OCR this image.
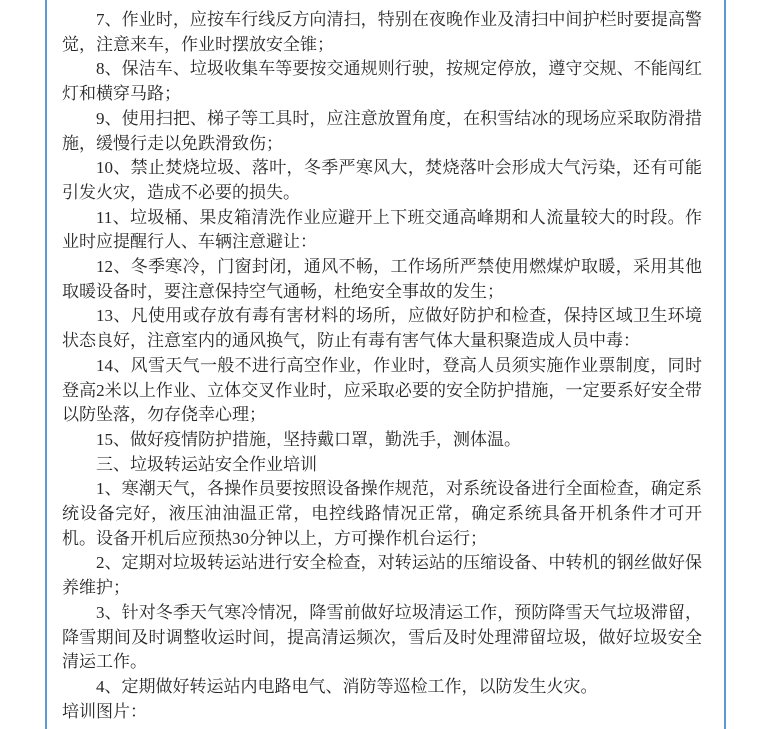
7、作业时，应按车行线反方向清扫，特别在夜晚作业及清扫中间护栏时要提高警觉，注意来车，作业时摆放安全锥；

8、保洁车、垃圾收集车等要按交通规则行驶，按规定停放，遵守交规、不能闯红灯和横穿马路；

9、使用扫把、梯子等工具时，应注意放置角度，在积雪结冰的现场应采取防滑措施，缓慢行走以免跌滑致伤；

10、禁止焚烧垃圾、落叶，冬季严寒风大，焚烧落叶会形成大气污染，还有可能引发火灾，造成不必要的损失。

11、垃圾桶、果皮箱清洗作业应避开上下班交通高峰期和人流量较大的时段。作业时应提醒行人、车辆注意避让：

12、冬季寒冷，门窗封闭，通风不畅，工作场所严禁使用燃煤炉取暖，采用其他取暖设备时，要注意保持空气通畅，杜绝安全事故的发生；

13、凡使用或存放有毒有害材料的场所，应做好防护和检查，保持区域卫生环境状态良好，注意室内的通风换气，防止有毒有害气体大量积聚造成人员中毒：

14、风雪天气一般不进行高空作业，作业时，登高人员须实施作业票制度，同时登高2米以上作业、立体交叉作业时，应采取必要的安全防护措施，一定要系好安全带以防坠落，勿存侥幸心理；

15、做好疫情防护措施，坚持戴口罩，勤洗手，测体温。

三、垃圾转运站安全作业培训

1、寒潮天气，各操作员要按照设备操作规范，对系统设备进行全面检查，确定系统设备完好，液压油油温正常，电控线路情况正常，确定系统具备开机条件才可开机。设备开机后应预热30分钟以上，方可操作机台运行；

2、定期对垃圾转运站进行安全检查，对转运站的压缩设备、中转机的钢丝做好保养维护；

3、针对冬季天气寒冷情况，降雪前做好垃圾清运工作，预防降雪天气垃圾滞留，降雪期间及时调整收运时间，提高清运频次，雪后及时处理滞留垃圾，做好垃圾安全清运工作。

4、定期做好转运站内电路电气、消防等巡检工作，以防发生火灾。

培训图片：
